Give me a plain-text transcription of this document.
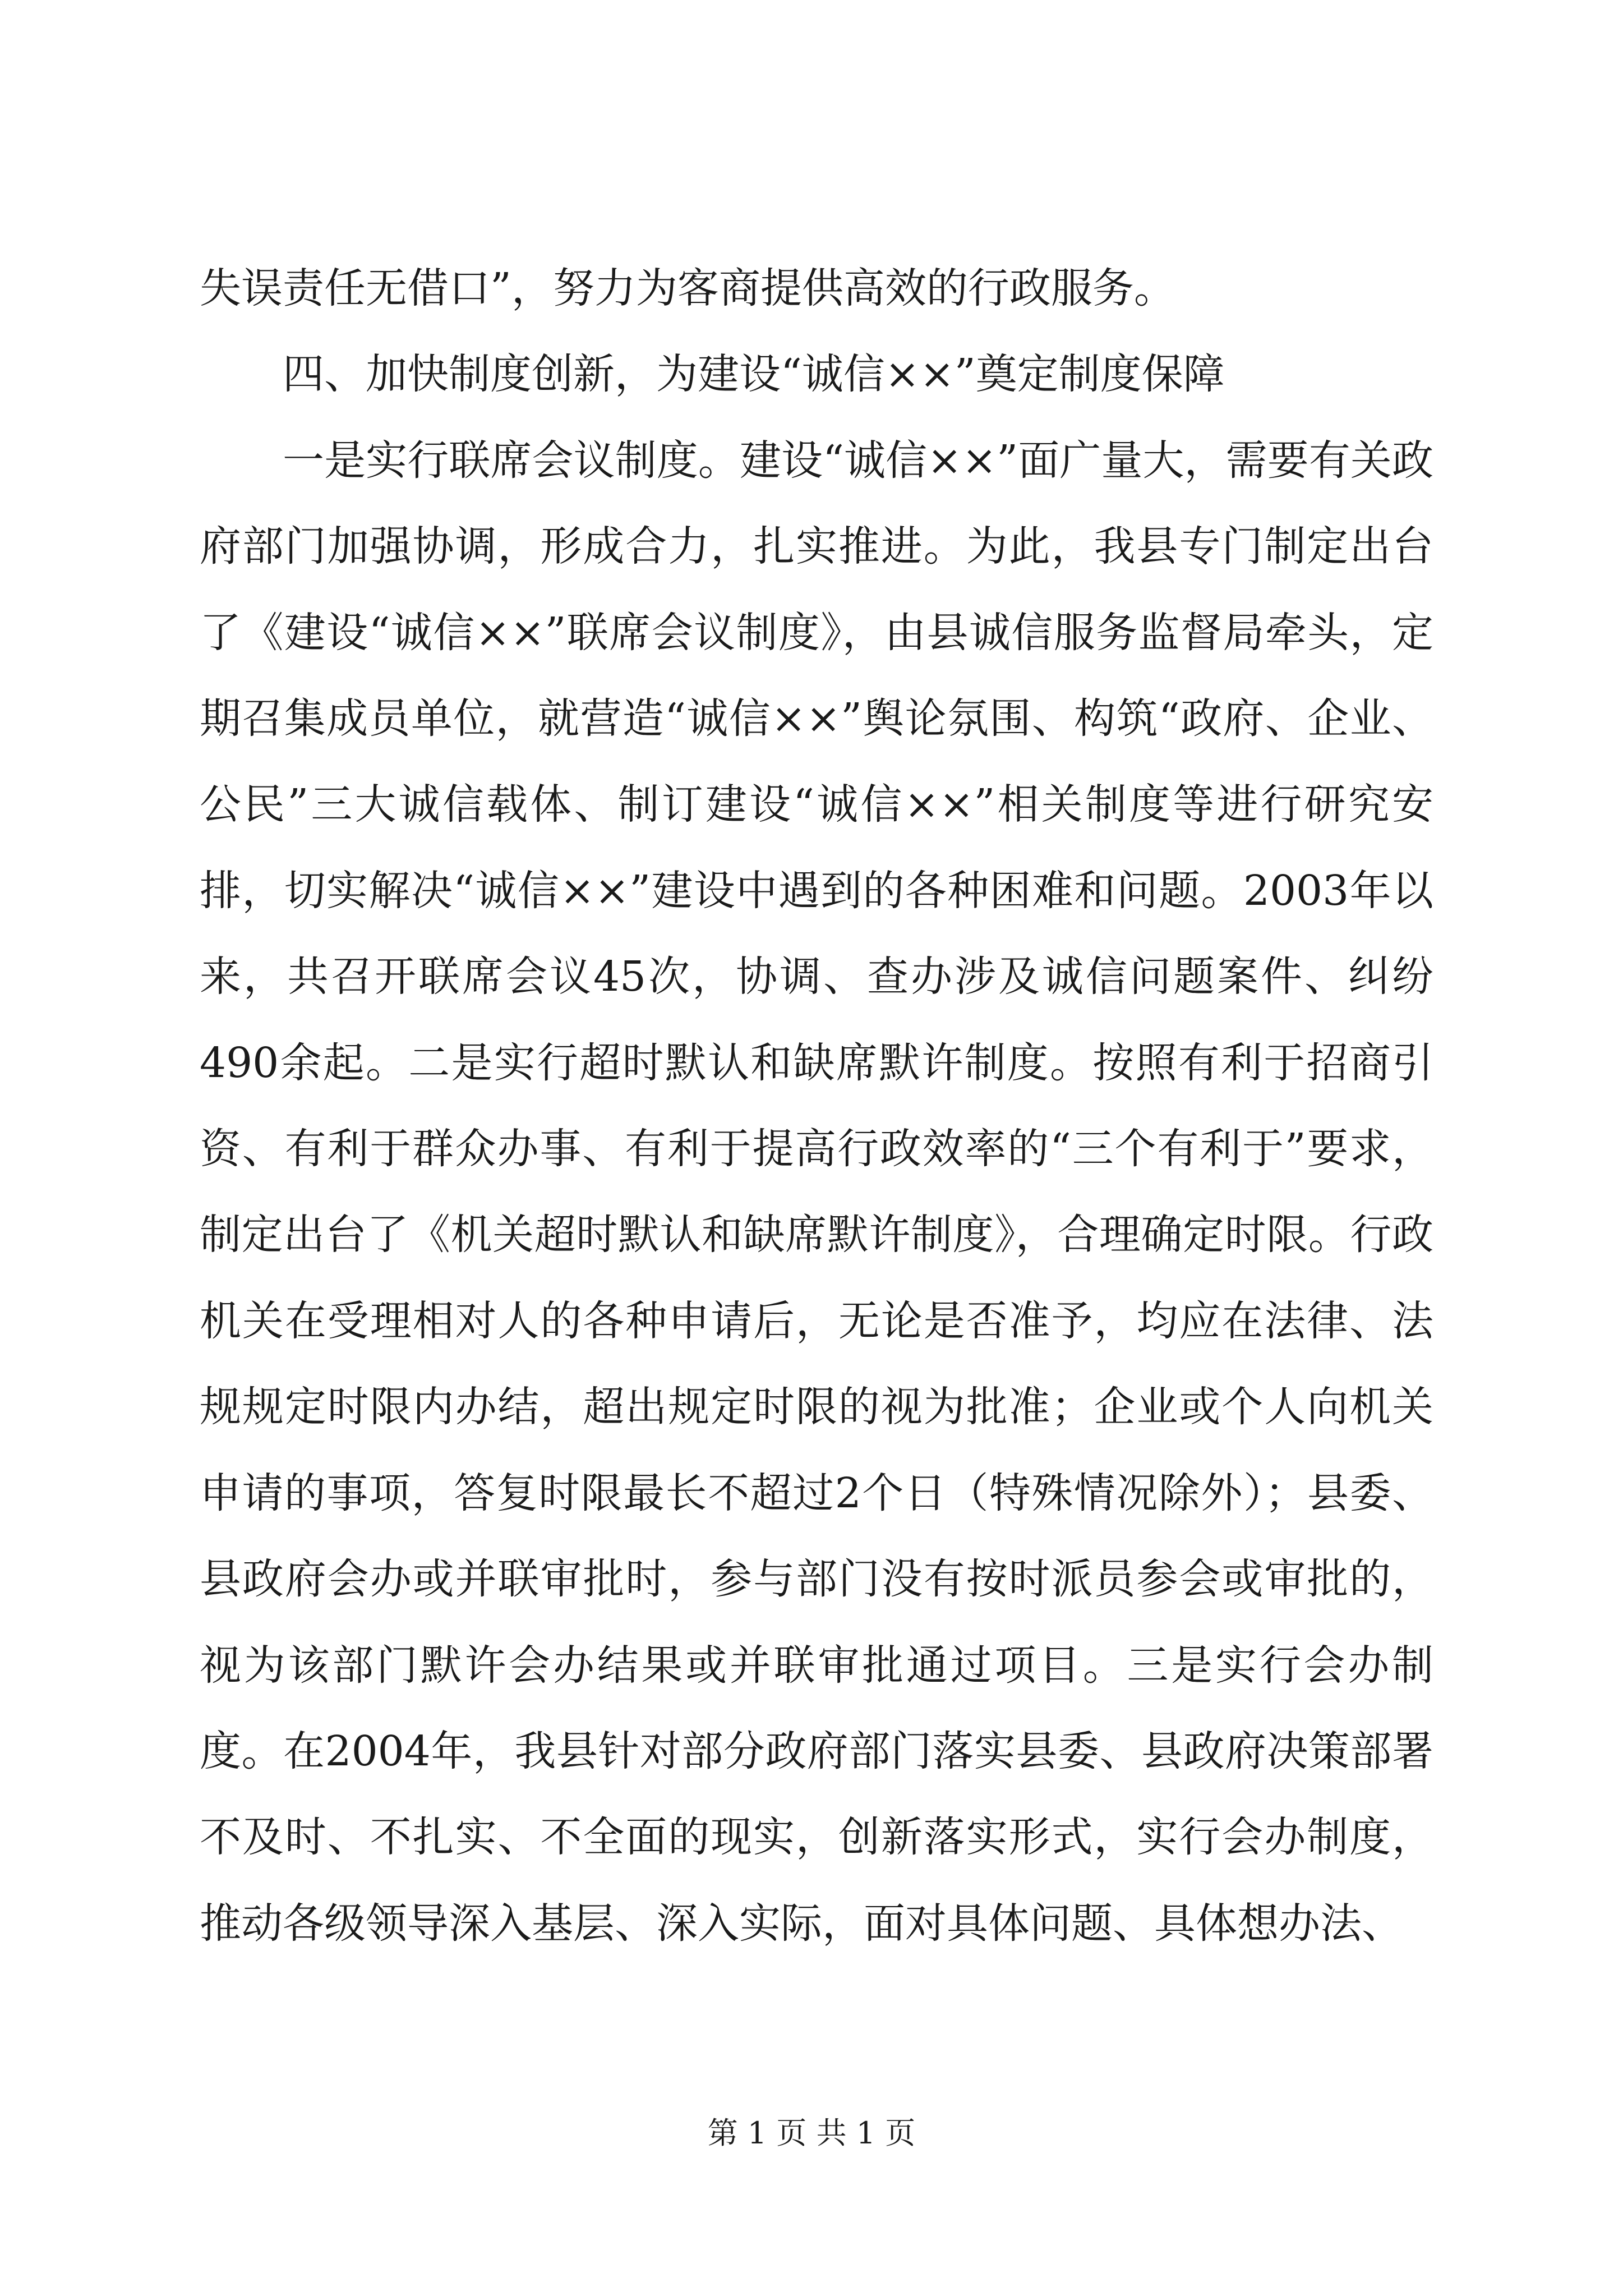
失误责任无借口”，努力为客商提供高效的行政服务。

四、加快制度创新，为建设“诚信××”奠定制度保障

一是实行联席会议制度。建设“诚信××”面广量大，需要有关政府部门加强协调，形成合力，扎实推进。为此，我县专门制定出台了《建设“诚信××”联席会议制度》，由县诚信服务监督局牵头，定期召集成员单位，就营造“诚信××”舆论氛围、构筑“政府、企业、公民”三大诚信载体、制订建设“诚信××”相关制度等进行研究安排，切实解决“诚信××”建设中遇到的各种困难和问题。2003年以来，共召开联席会议45次，协调、查办涉及诚信问题案件、纠纷490余起。二是实行超时默认和缺席默许制度。按照有利于招商引资、有利于群众办事、有利于提高行政效率的“三个有利于”要求，制定出台了《机关超时默认和缺席默许制度》，合理确定时限。行政机关在受理相对人的各种申请后，无论是否准予，均应在法律、法规规定时限内办结，超出规定时限的视为批准；企业或个人向机关申请的事项，答复时限最长不超过2个日（特殊情况除外）；县委、县政府会办或并联审批时，参与部门没有按时派员参会或审批的，视为该部门默许会办结果或并联审批通过项目。三是实行会办制度。在2004年，我县针对部分政府部门落实县委、县政府决策部署不及时、不扎实、不全面的现实，创新落实形式，实行会办制度，推动各级领导深入基层、深入实际，面对具体问题、具体想办法、

第 1 页 共 1 页
